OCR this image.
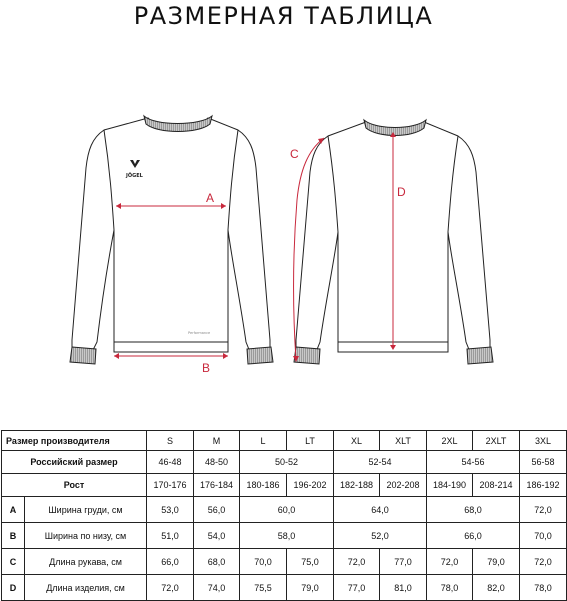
РАЗМЕРНАЯ ТАБЛИЦА
JÖGEL
Performance
A
B
C
D
Размер производителя	S	M	L	LT	XL	XLT	2XL	2XLT	3XL
Российский размер	46-48	48-50	50-52		52-54		54-56		56-58
Рост	170-176	176-184	180-186	196-202	182-188	202-208	184-190	208-214	186-192

A Ширина груди, см	53,0	56,0	60,0		64,0		68,0		72,0

B Ширина по низу, см	51,0	54,0	58,0		52,0		66,0		70,0

C Длина рукава, см	66,0	68,0	70,0	75,0	72,0	77,0	72,0	79,0	72,0

D Длина изделия, см	72,0	74,0	75,5	79,0	77,0	81,0	78,0	82,0	78,0
